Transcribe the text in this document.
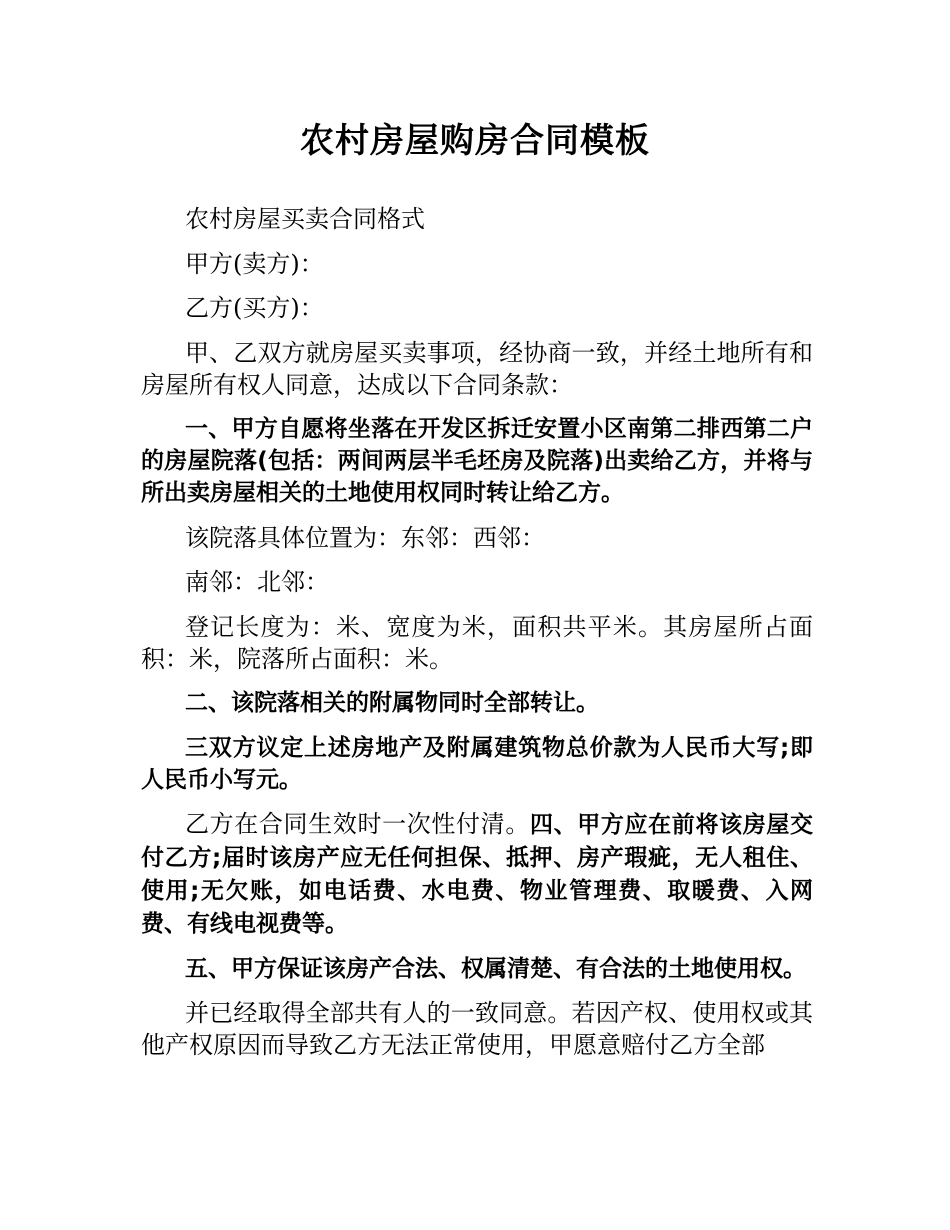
农村房屋购房合同模板

农村房屋买卖合同格式

甲方(卖方)：

乙方(买方)：

甲、乙双方就房屋买卖事项，经协商一致，并经土地所有和房屋所有权人同意，达成以下合同条款：

一、甲方自愿将坐落在开发区拆迁安置小区南第二排西第二户的房屋院落(包括：两间两层半毛坯房及院落)出卖给乙方，并将与所出卖房屋相关的土地使用权同时转让给乙方。

该院落具体位置为：东邻：西邻：

南邻：北邻：

登记长度为：米、宽度为米，面积共平米。其房屋所占面积：米，院落所占面积：米。

二、该院落相关的附属物同时全部转让。

三双方议定上述房地产及附属建筑物总价款为人民币大写;即人民币小写元。

乙方在合同生效时一次性付清。四、甲方应在前将该房屋交付乙方;届时该房产应无任何担保、抵押、房产瑕疵，无人租住、使用;无欠账，如电话费、水电费、物业管理费、取暖费、入网费、有线电视费等。

五、甲方保证该房产合法、权属清楚、有合法的土地使用权。

并已经取得全部共有人的一致同意。若因产权、使用权或其他产权原因而导致乙方无法正常使用，甲愿意赔付乙方全部
